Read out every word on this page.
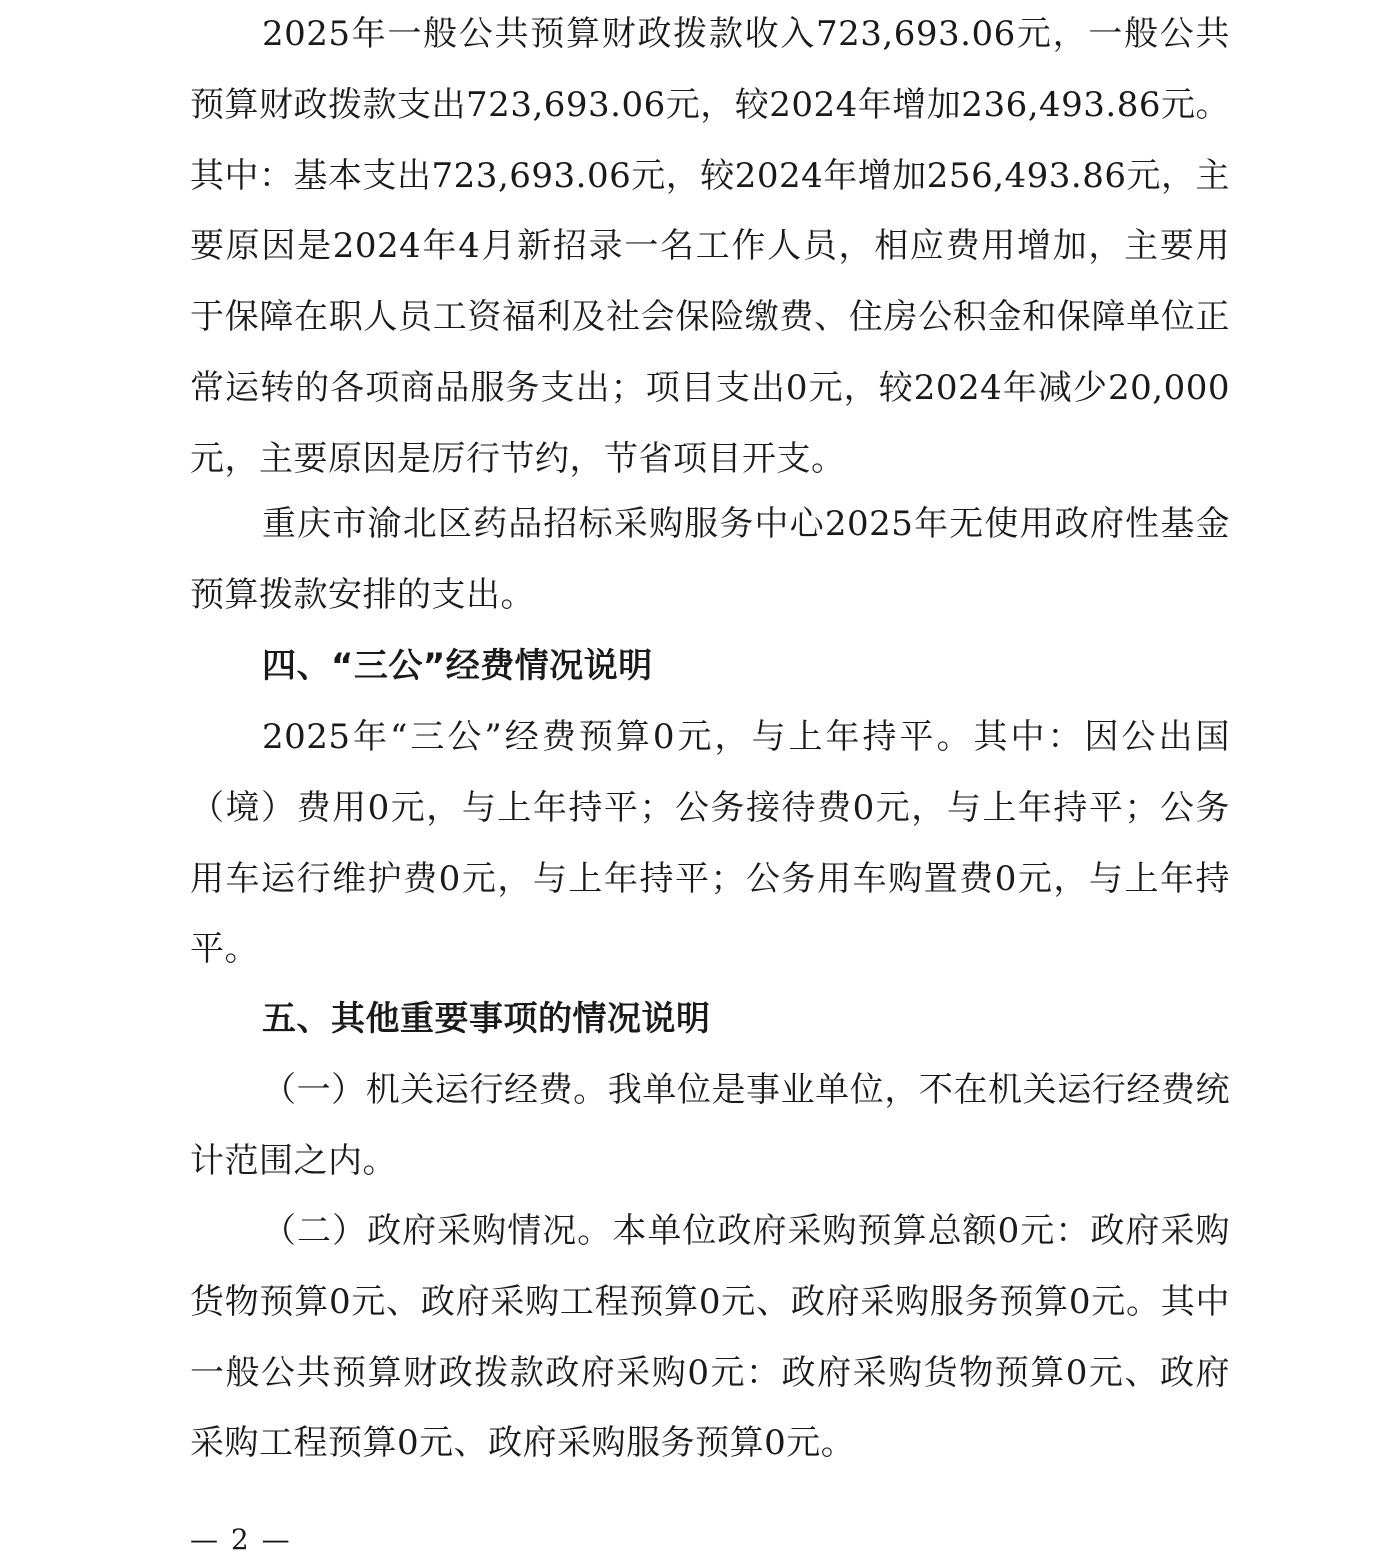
2025年一般公共预算财政拨款收入723,693.06元，一般公共预算财政拨款支出723,693.06元，较2024年增加236,493.86元。其中：基本支出723,693.06元，较2024年增加256,493.86元，主要原因是2024年4月新招录一名工作人员，相应费用增加，主要用于保障在职人员工资福利及社会保险缴费、住房公积金和保障单位正常运转的各项商品服务支出；项目支出0元，较2024年减少20,000元，主要原因是厉行节约，节省项目开支。

重庆市渝北区药品招标采购服务中心2025年无使用政府性基金预算拨款安排的支出。

四、“三公”经费情况说明

2025年“三公”经费预算0元，与上年持平。其中：因公出国（境）费用0元，与上年持平；公务接待费0元，与上年持平；公务用车运行维护费0元，与上年持平；公务用车购置费0元，与上年持平。

五、其他重要事项的情况说明

（一）机关运行经费。我单位是事业单位，不在机关运行经费统计范围之内。

（二）政府采购情况。本单位政府采购预算总额0元：政府采购货物预算0元、政府采购工程预算0元、政府采购服务预算0元。其中一般公共预算财政拨款政府采购0元：政府采购货物预算0元、政府采购工程预算0元、政府采购服务预算0元。

— 2 —
